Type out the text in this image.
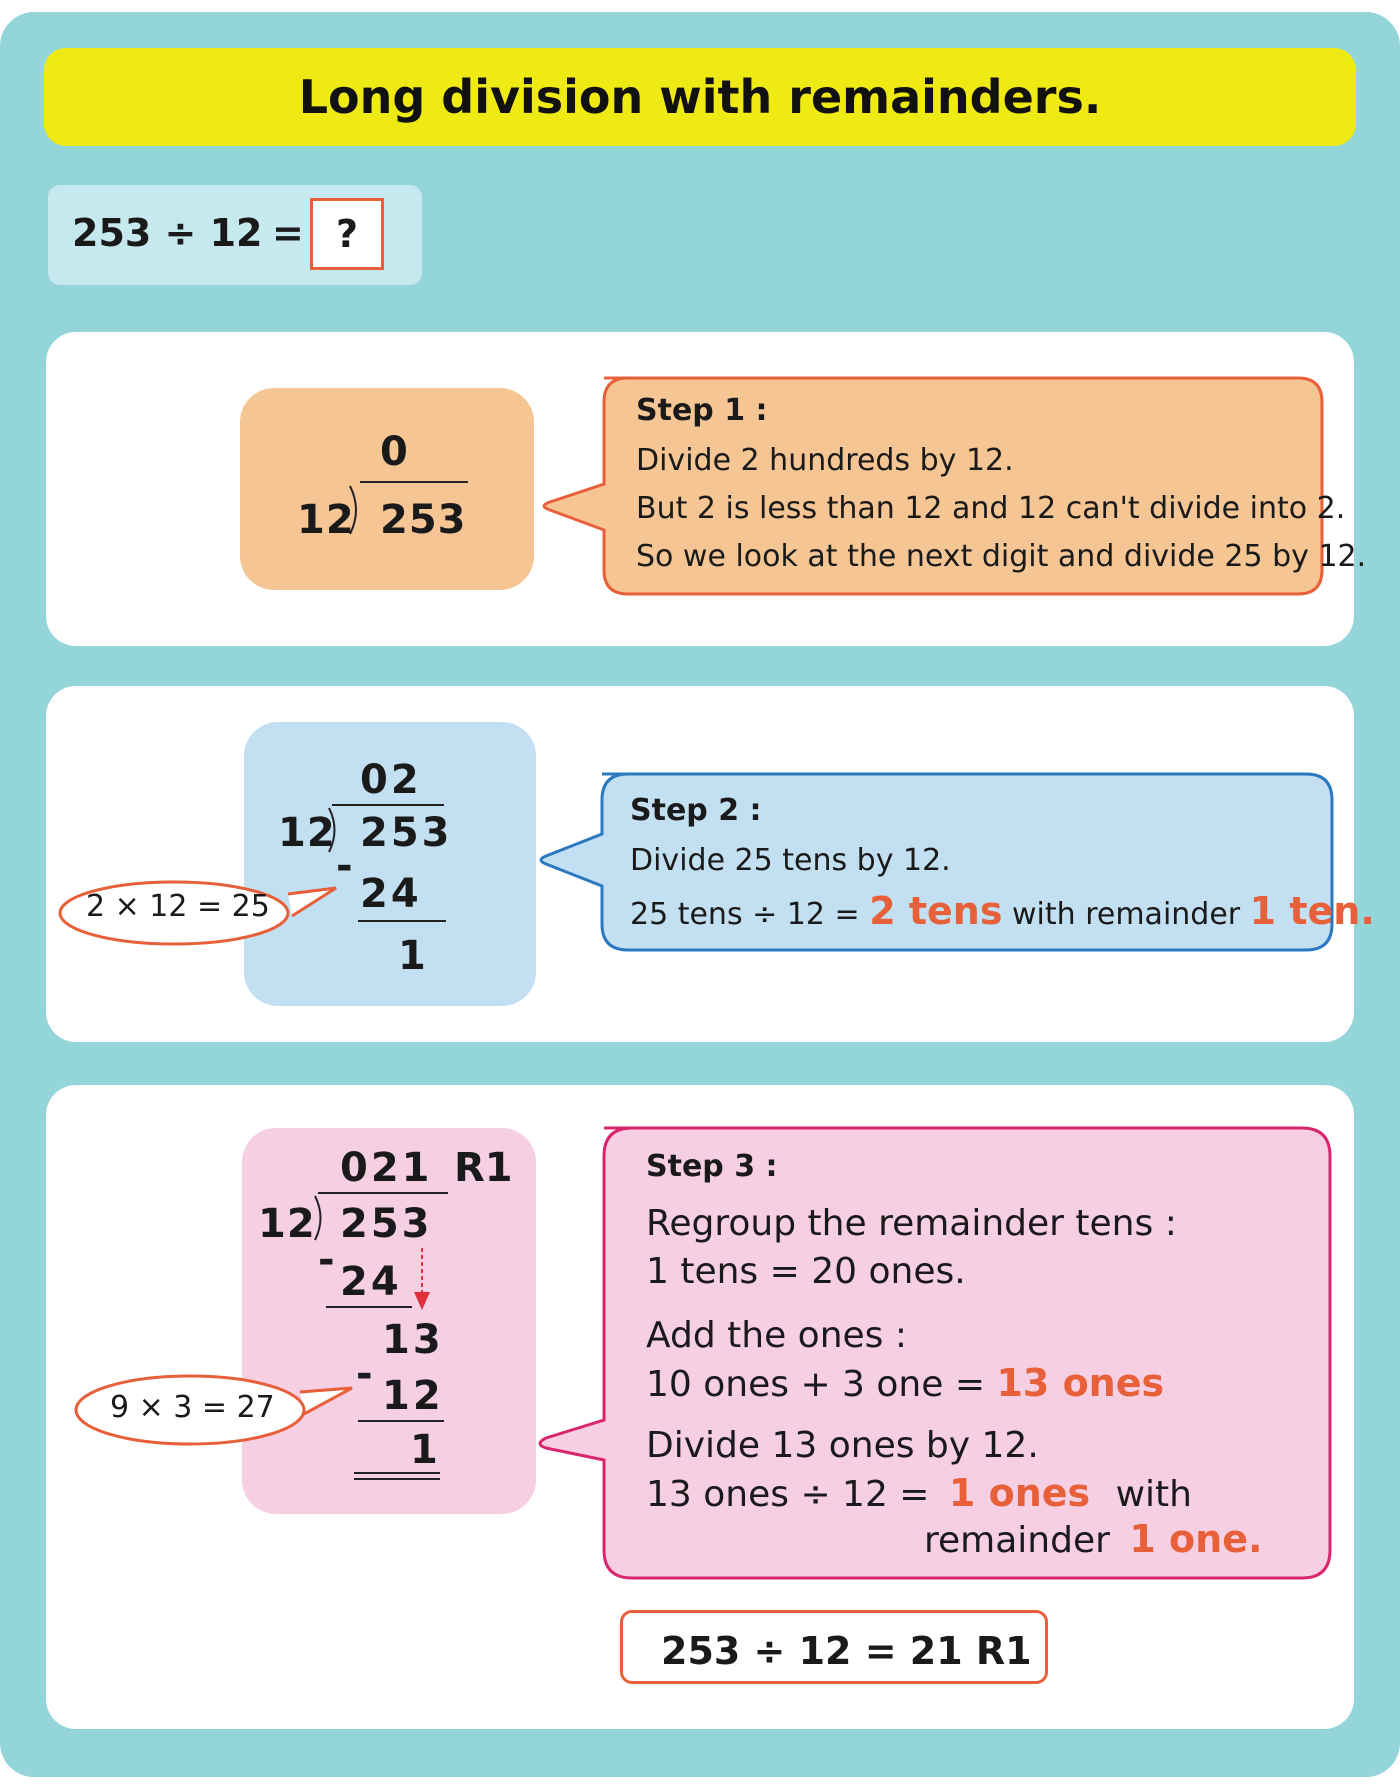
Long division with remainders.
253 ÷ 12 = ?
0
12 253
Step 1 :
Divide 2 hundreds by 12.
But 2 is less than 12 and 12 can't divide into 2.
So we look at the next digit and divide 25 by 12.
02
12 253
-
24
1
2 × 12 = 25
Step 2 :
Divide 25 tens by 12.
25 tens ÷ 12 = 2 tens with remainder 1 ten.
021 R1
12 253
- 24
13
- 12
1
9 × 3 = 27
Step 3 :
Regroup the remainder tens :
1 tens = 20 ones.
Add the ones :
10 ones + 3 one = 13 ones
Divide 13 ones by 12.
13 ones ÷ 12 = 1 ones with
remainder 1 one.
253 ÷ 12 = 21 R1
